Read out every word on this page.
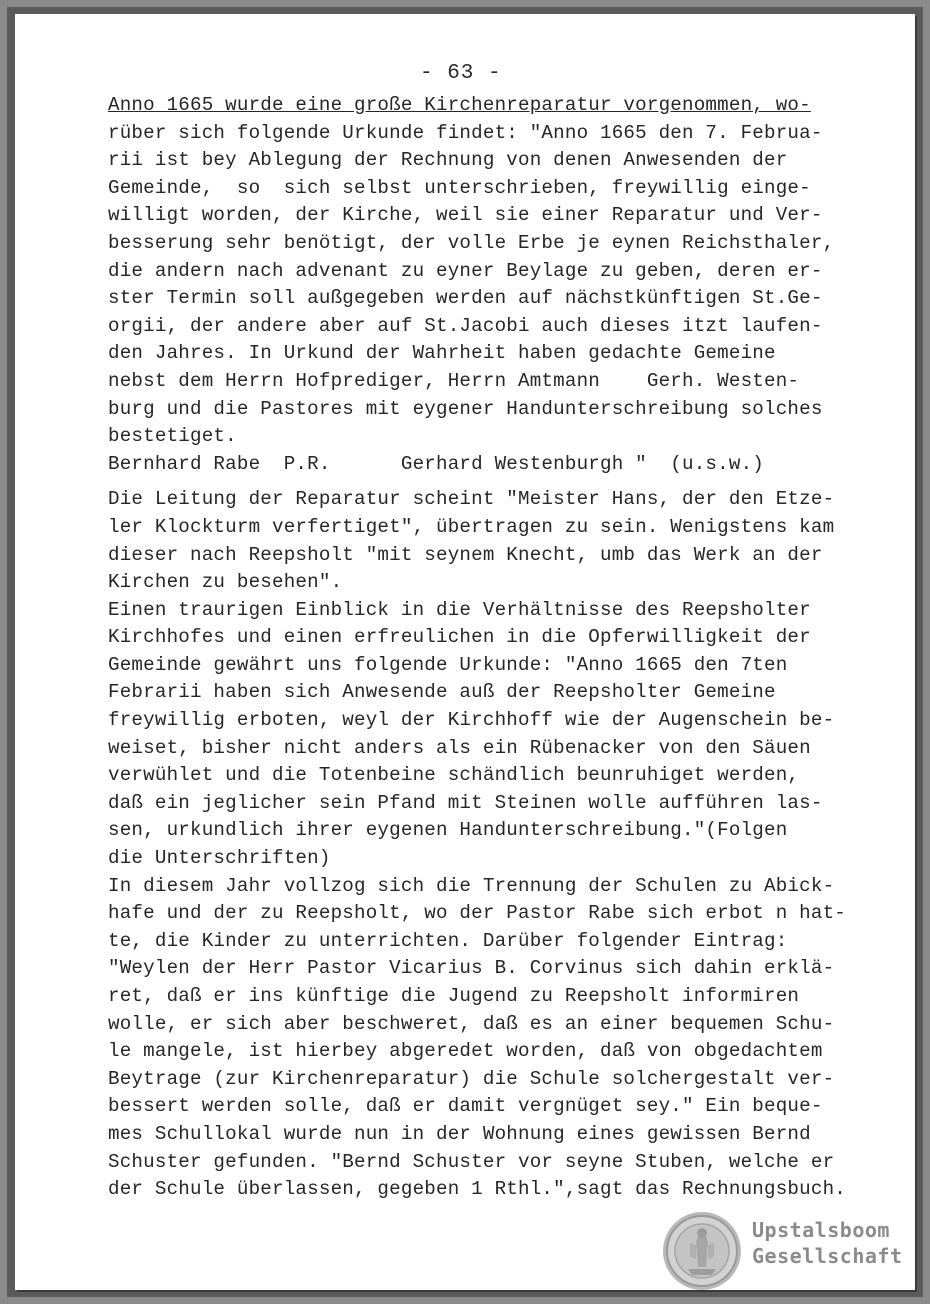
- 63 -
Anno 1665 wurde eine große Kirchenreparatur vorgenommen, wo-
rüber sich folgende Urkunde findet: "Anno 1665 den 7. Februa-
rii ist bey Ablegung der Rechnung von denen Anwesenden der
Gemeinde,  so  sich selbst unterschrieben, freywillig einge-
willigt worden, der Kirche, weil sie einer Reparatur und Ver-
besserung sehr benötigt, der volle Erbe je eynen Reichsthaler,
die andern nach advenant zu eyner Beylage zu geben, deren er-
ster Termin soll außgegeben werden auf nächstkünftigen St.Ge-
orgii, der andere aber auf St.Jacobi auch dieses itzt laufen-
den Jahres. In Urkund der Wahrheit haben gedachte Gemeine
nebst dem Herrn Hofprediger, Herrn Amtmann    Gerh. Westen-
burg und die Pastores mit eygener Handunterschreibung solches
bestetiget.
Bernhard Rabe  P.R.      Gerhard Westenburgh "  (u.s.w.)
Die Leitung der Reparatur scheint "Meister Hans, der den Etze-
ler Klockturm verfertiget", übertragen zu sein. Wenigstens kam
dieser nach Reepsholt "mit seynem Knecht, umb das Werk an der
Kirchen zu besehen".
Einen traurigen Einblick in die Verhältnisse des Reepsholter
Kirchhofes und einen erfreulichen in die Opferwilligkeit der
Gemeinde gewährt uns folgende Urkunde: "Anno 1665 den 7ten
Febrarii haben sich Anwesende auß der Reepsholter Gemeine
freywillig erboten, weyl der Kirchhoff wie der Augenschein be-
weiset, bisher nicht anders als ein Rübenacker von den Säuen
verwühlet und die Totenbeine schändlich beunruhiget werden,
daß ein jeglicher sein Pfand mit Steinen wolle aufführen las-
sen, urkundlich ihrer eygenen Handunterschreibung."(Folgen
die Unterschriften)
In diesem Jahr vollzog sich die Trennung der Schulen zu Abick-
hafe und der zu Reepsholt, wo der Pastor Rabe sich erbot n hat-
te, die Kinder zu unterrichten. Darüber folgender Eintrag:
"Weylen der Herr Pastor Vicarius B. Corvinus sich dahin erklä-
ret, daß er ins künftige die Jugend zu Reepsholt informiren
wolle, er sich aber beschweret, daß es an einer bequemen Schu-
le mangele, ist hierbey abgeredet worden, daß von obgedachtem
Beytrage (zur Kirchenreparatur) die Schule solchergestalt ver-
bessert werden solle, daß er damit vergnüget sey." Ein beque-
mes Schullokal wurde nun in der Wohnung eines gewissen Bernd
Schuster gefunden. "Bernd Schuster vor seyne Stuben, welche er
der Schule überlassen, gegeben 1 Rthl.",sagt das Rechnungsbuch.
Upstalsboom
Gesellschaft
